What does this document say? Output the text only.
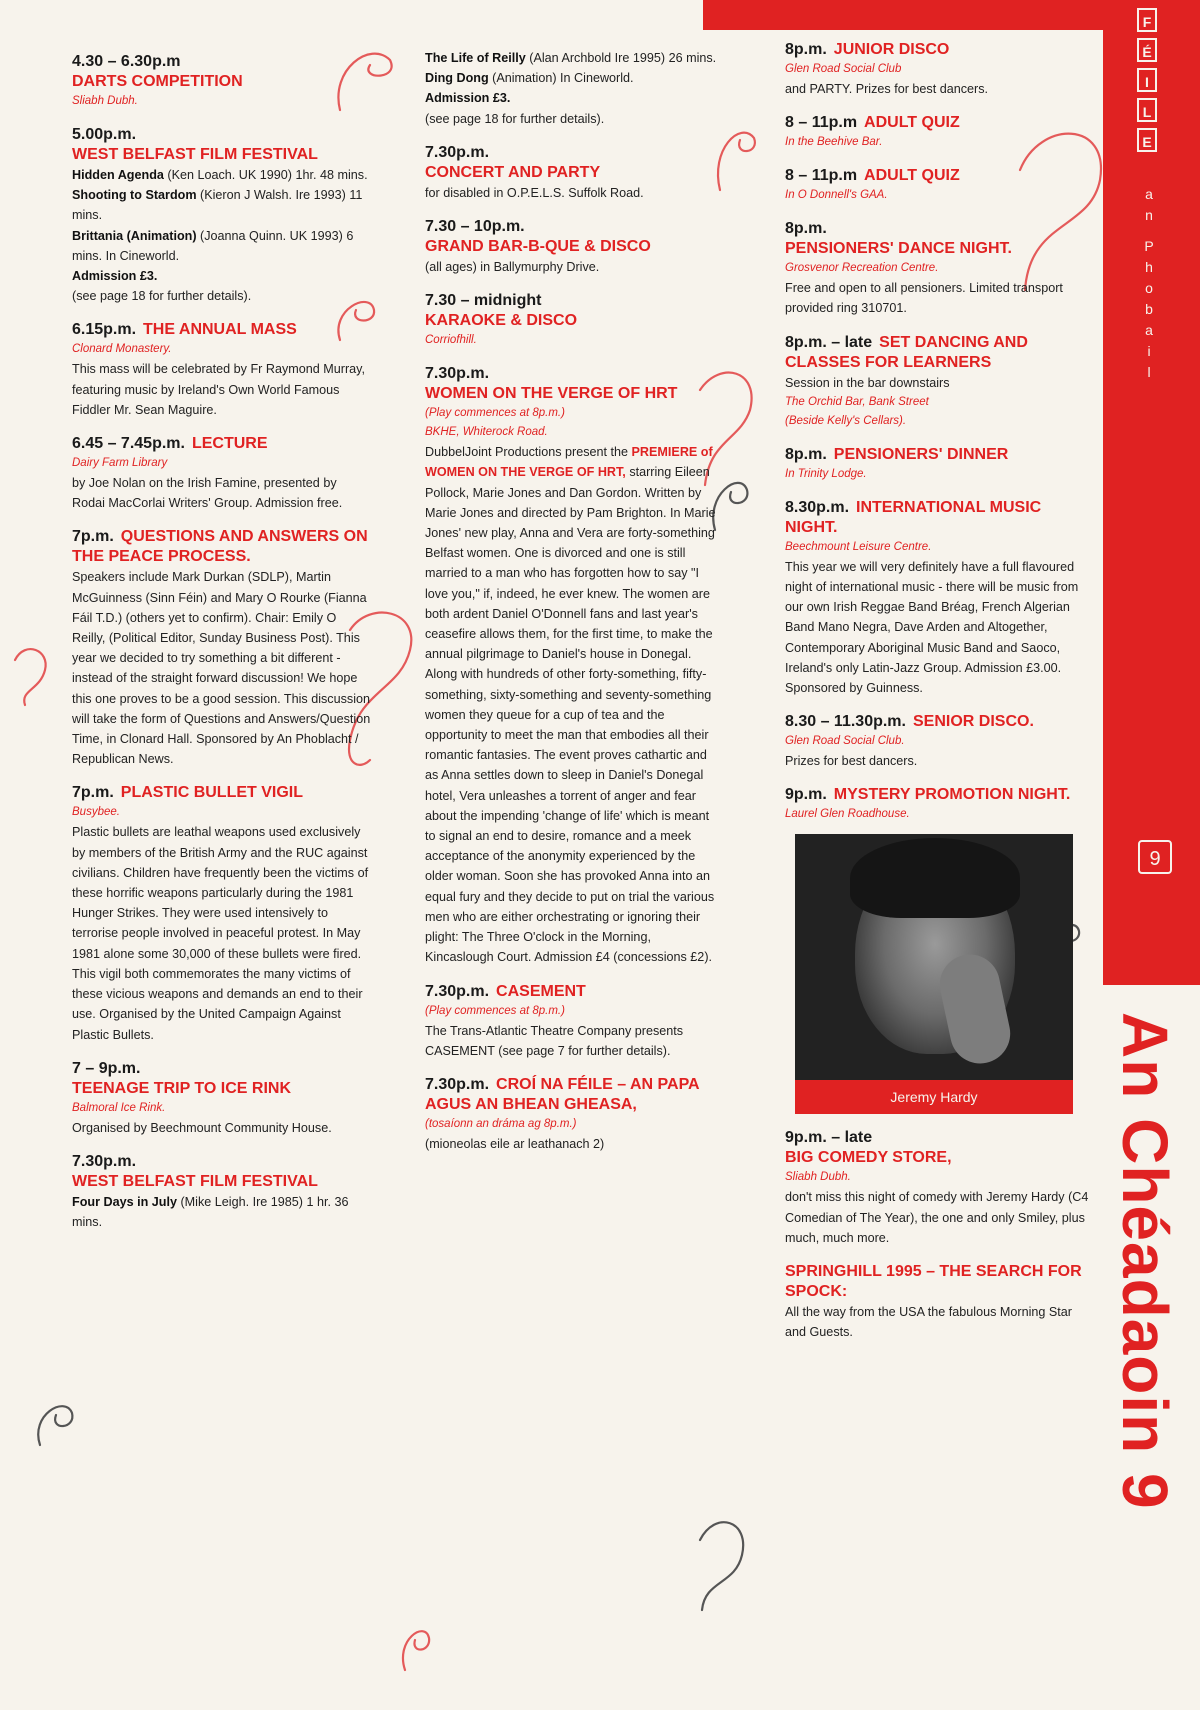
F
É
I
L
E
a
n
P
h
o
b
a
i
l
9
An Chéadaoin 9
4.30 – 6.30p.m
DARTS COMPETITION
Sliabh Dubh.
5.00p.m.
WEST BELFAST FILM FESTIVAL
Hidden Agenda (Ken Loach. UK 1990) 1hr. 48 mins.
Shooting to Stardom (Kieron J Walsh. Ire 1993) 11 mins.
Brittania (Animation) (Joanna Quinn. UK 1993) 6 mins. In Cineworld.
Admission £3.
(see page 18 for further details).
6.15p.m. THE ANNUAL MASS
Clonard Monastery.
This mass will be celebrated by Fr Raymond Murray, featuring music by Ireland's Own World Famous Fiddler Mr. Sean Maguire.
6.45 – 7.45p.m. LECTURE
Dairy Farm Library
by Joe Nolan on the Irish Famine, presented by Rodai MacCorlai Writers' Group. Admission free.
7p.m. QUESTIONS AND ANSWERS ON THE PEACE PROCESS.
Speakers include Mark Durkan (SDLP), Martin McGuinness (Sinn Féin) and Mary O Rourke (Fianna Fáil T.D.) (others yet to confirm). Chair: Emily O Reilly, (Political Editor, Sunday Business Post). This year we decided to try something a bit different - instead of the straight forward discussion! We hope this one proves to be a good session. This discussion will take the form of Questions and Answers/Question Time, in Clonard Hall. Sponsored by An Phoblacht / Republican News.
7p.m. PLASTIC BULLET VIGIL
Busybee.
Plastic bullets are leathal weapons used exclusively by members of the British Army and the RUC against civilians. Children have frequently been the victims of these horrific weapons particularly during the 1981 Hunger Strikes. They were used intensively to terrorise people involved in peaceful protest. In May 1981 alone some 30,000 of these bullets were fired. This vigil both commemorates the many victims of these vicious weapons and demands an end to their use. Organised by the United Campaign Against Plastic Bullets.
7 – 9p.m.
TEENAGE TRIP TO ICE RINK
Balmoral Ice Rink.
Organised by Beechmount Community House.
7.30p.m.
WEST BELFAST FILM FESTIVAL
Four Days in July (Mike Leigh. Ire 1985) 1 hr. 36 mins.
The Life of Reilly (Alan Archbold Ire 1995) 26 mins.
Ding Dong (Animation) In Cineworld.
Admission £3.
(see page 18 for further details).
7.30p.m.
CONCERT AND PARTY
for disabled in O.P.E.L.S. Suffolk Road.
7.30 – 10p.m.
GRAND BAR-B-QUE & DISCO
(all ages) in Ballymurphy Drive.
7.30 – midnight
KARAOKE & DISCO
Corriofhill.
7.30p.m.
WOMEN ON THE VERGE OF HRT
(Play commences at 8p.m.)
BKHE, Whiterock Road.
DubbelJoint Productions present the PREMIERE of WOMEN ON THE VERGE OF HRT, starring Eileen Pollock, Marie Jones and Dan Gordon. Written by Marie Jones and directed by Pam Brighton. In Marie Jones' new play, Anna and Vera are forty-something Belfast women. One is divorced and one is still married to a man who has forgotten how to say "I love you," if, indeed, he ever knew. The women are both ardent Daniel O'Donnell fans and last year's ceasefire allows them, for the first time, to make the annual pilgrimage to Daniel's house in Donegal. Along with hundreds of other forty-something, fifty-something, sixty-something and seventy-something women they queue for a cup of tea and the opportunity to meet the man that embodies all their romantic fantasies. The event proves cathartic and as Anna settles down to sleep in Daniel's Donegal hotel, Vera unleashes a torrent of anger and fear about the impending 'change of life' which is meant to signal an end to desire, romance and a meek acceptance of the anonymity experienced by the older woman. Soon she has provoked Anna into an equal fury and they decide to put on trial the various men who are either orchestrating or ignoring their plight: The Three O'clock in the Morning, Kincaslough Court. Admission £4 (concessions £2).
7.30p.m. CASEMENT
(Play commences at 8p.m.)
The Trans-Atlantic Theatre Company presents CASEMENT (see page 7 for further details).
7.30p.m. CROÍ NA FÉILE – AN PAPA AGUS AN BHEAN GHEASA,
(tosaíonn an dráma ag 8p.m.)
(mioneolas eile ar leathanach 2)
8p.m. JUNIOR DISCO
Glen Road Social Club
and PARTY. Prizes for best dancers.
8 – 11p.m ADULT QUIZ
In the Beehive Bar.
8 – 11p.m ADULT QUIZ
In O Donnell's GAA.
8p.m.
PENSIONERS' DANCE NIGHT.
Grosvenor Recreation Centre.
Free and open to all pensioners. Limited transport provided ring 310701.
8p.m. – late SET DANCING AND CLASSES FOR LEARNERS
Session in the bar downstairs
The Orchid Bar, Bank Street
(Beside Kelly's Cellars).
8p.m. PENSIONERS' DINNER
In Trinity Lodge.
8.30p.m. INTERNATIONAL MUSIC NIGHT.
Beechmount Leisure Centre.
This year we will very definitely have a full flavoured night of international music - there will be music from our own Irish Reggae Band Bréag, French Algerian Band Mano Negra, Dave Arden and Altogether, Contemporary Aboriginal Music Band and Saoco, Ireland's only Latin-Jazz Group. Admission £3.00. Sponsored by Guinness.
8.30 – 11.30p.m. SENIOR DISCO.
Glen Road Social Club.
Prizes for best dancers.
9p.m. MYSTERY PROMOTION NIGHT.
Laurel Glen Roadhouse.
Jeremy Hardy
9p.m. – late
BIG COMEDY STORE,
Sliabh Dubh.
don't miss this night of comedy with Jeremy Hardy (C4 Comedian of The Year), the one and only Smiley, plus much, much more.
SPRINGHILL 1995 – THE SEARCH FOR SPOCK:
All the way from the USA the fabulous Morning Star and Guests.
